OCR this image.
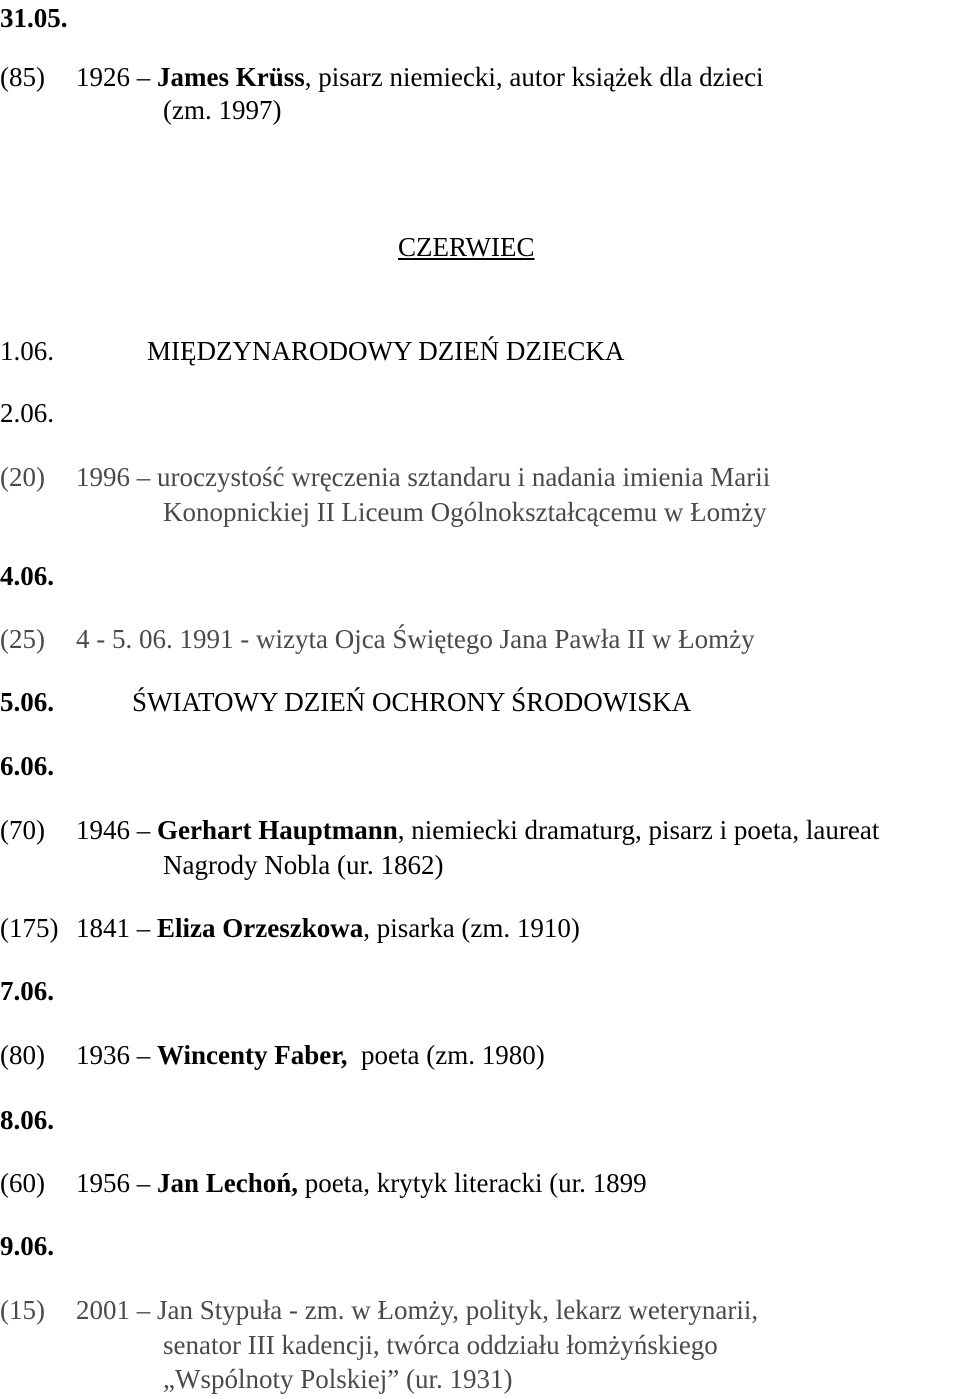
31.05.
(85) 1926 – James Krüss, pisarz niemiecki, autor książek dla dzieci
(zm. 1997)
CZERWIEC
1.06.	MIĘDZYNARODOWY DZIEŃ DZIECKA
2.06.
(20) 1996 – uroczystość wręczenia sztandaru i nadania imienia Marii
Konopnickiej II Liceum Ogólnokształcącemu w Łomży
4.06.
(25) 4 - 5. 06. 1991 - wizyta Ojca Świętego Jana Pawła II w Łomży
5.06.	ŚWIATOWY DZIEŃ OCHRONY ŚRODOWISKA
6.06.
(70) 1946 – Gerhart Hauptmann, niemiecki dramaturg, pisarz i poeta, laureat
Nagrody Nobla (ur. 1862)
(175) 1841 – Eliza Orzeszkowa, pisarka (zm. 1910)
7.06.
(80) 1936 – Wincenty Faber,  poeta (zm. 1980)
8.06.
(60) 1956 – Jan Lechoń, poeta, krytyk literacki (ur. 1899
9.06.
(15) 2001 – Jan Stypuła - zm. w Łomży, polityk, lekarz weterynarii,
senator III kadencji, twórca oddziału łomżyńskiego
„Wspólnoty Polskiej” (ur. 1931)
